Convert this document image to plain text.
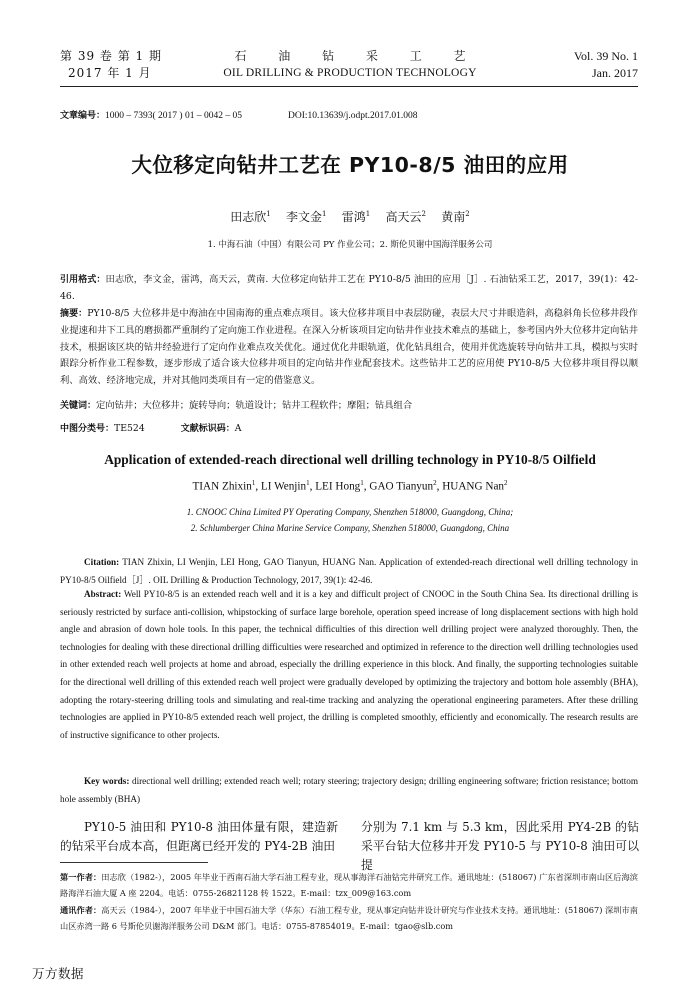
第 39 卷 第 1 期
2017 年 1 月
石 油 钻 采 工 艺
OIL DRILLING & PRODUCTION TECHNOLOGY
Vol. 39 No. 1
Jan. 2017
文章编号：1000 – 7393( 2017 ) 01 – 0042 – 05	DOI:10.13639/j.odpt.2017.01.008
大位移定向钻井工艺在 PY10-8/5 油田的应用
田志欣$^1$ 李文金$^1$ 雷鸿$^1$ 高天云$^2$ 黄南$^2$
1. 中海石油（中国）有限公司 PY 作业公司；2. 斯伦贝谢中国海洋服务公司
引用格式：田志欣，李文金，雷鸿，高天云，黄南. 大位移定向钻井工艺在 PY10-8/5 油田的应用［J］. 石油钻采工艺，2017，39(1)：42-46.
摘要：PY10-8/5 大位移井是中海油在中国南海的重点难点项目。该大位移井项目中表层防碰，表层大尺寸井眼造斜，高稳斜角长位移井段作业提速和井下工具的磨损都严重制约了定向施工作业进程。在深入分析该项目定向钻井作业技术难点的基础上，参考国内外大位移井定向钻井技术，根据该区块的钻井经验进行了定向作业难点攻关优化。通过优化井眼轨道，优化钻具组合，使用并优选旋转导向钻井工具，模拟与实时跟踪分析作业工程参数，逐步形成了适合该大位移井项目的定向钻井作业配套技术。这些钻井工艺的应用使 PY10-8/5 大位移井项目得以顺利、高效、经济地完成，并对其他同类项目有一定的借鉴意义。
关键词：定向钻井；大位移井；旋转导向；轨道设计；钻井工程软件；摩阻；钻具组合
中图分类号：TE524	文献标识码：A
Application of extended-reach directional well drilling technology in PY10-8/5 Oilfield
TIAN Zhixin$^1$, LI Wenjin$^1$, LEI Hong$^1$, GAO Tianyun$^2$, HUANG Nan$^2$
1. CNOOC China Limited PY Operating Company, Shenzhen 518000, Guangdong, China;
2. Schlumberger China Marine Service Company, Shenzhen 518000, Guangdong, China
Citation: TIAN Zhixin, LI Wenjin, LEI Hong, GAO Tianyun, HUANG Nan. Application of extended-reach directional well drilling technology in PY10-8/5 Oilfield［J］. OIL Drilling & Production Technology, 2017, 39(1): 42-46.
Abstract: Well PY10-8/5 is an extended reach well and it is a key and difficult project of CNOOC in the South China Sea. Its directional drilling is seriously restricted by surface anti-collision, whipstocking of surface large borehole, operation speed increase of long displacement sections with high hold angle and abrasion of down hole tools. In this paper, the technical difficulties of this direction well drilling project were analyzed thoroughly. Then, the technologies for dealing with these directional drilling difficulties were researched and optimized in reference to the direction well drilling technologies used in other extended reach well projects at home and abroad, especially the drilling experience in this block. And finally, the supporting technologies suitable for the directional well drilling of this extended reach well project were gradually developed by optimizing the trajectory and bottom hole assembly (BHA), adopting the rotary-steering drilling tools and simulating and real-time tracking and analyzing the operational engineering parameters. After these drilling technologies are applied in PY10-8/5 extended reach well project, the drilling is completed smoothly, efficiently and economically. The research results are of instructive significance to other projects.
Key words: directional well drilling; extended reach well; rotary steering; trajectory design; drilling engineering software; friction resistance; bottom hole assembly (BHA)
PY10-5 油田和 PY10-8 油田体量有限，建造新的钻采平台成本高，但距离已经开发的 PY4-2B 油田
分别为 7.1 km 与 5.3 km，因此采用 PY4-2B 的钻采平台钻大位移井开发 PY10-5 与 PY10-8 油田可以提
第一作者：田志欣（1982-），2005 年毕业于西南石油大学石油工程专业，现从事海洋石油钻完井研究工作。通讯地址：(518067) 广东省深圳市南山区后海滨路海洋石油大厦 A 座 2204。电话：0755-26821128 转 1522。E-mail：tzx_009@163.com
通讯作者：高天云（1984-），2007 年毕业于中国石油大学（华东）石油工程专业，现从事定向钻井设计研究与作业技术支持。通讯地址：(518067) 深圳市南山区赤湾一路 6 号斯伦贝谢海洋服务公司 D&M 部门。电话：0755-87854019。E-mail：tgao@slb.com
万方数据
